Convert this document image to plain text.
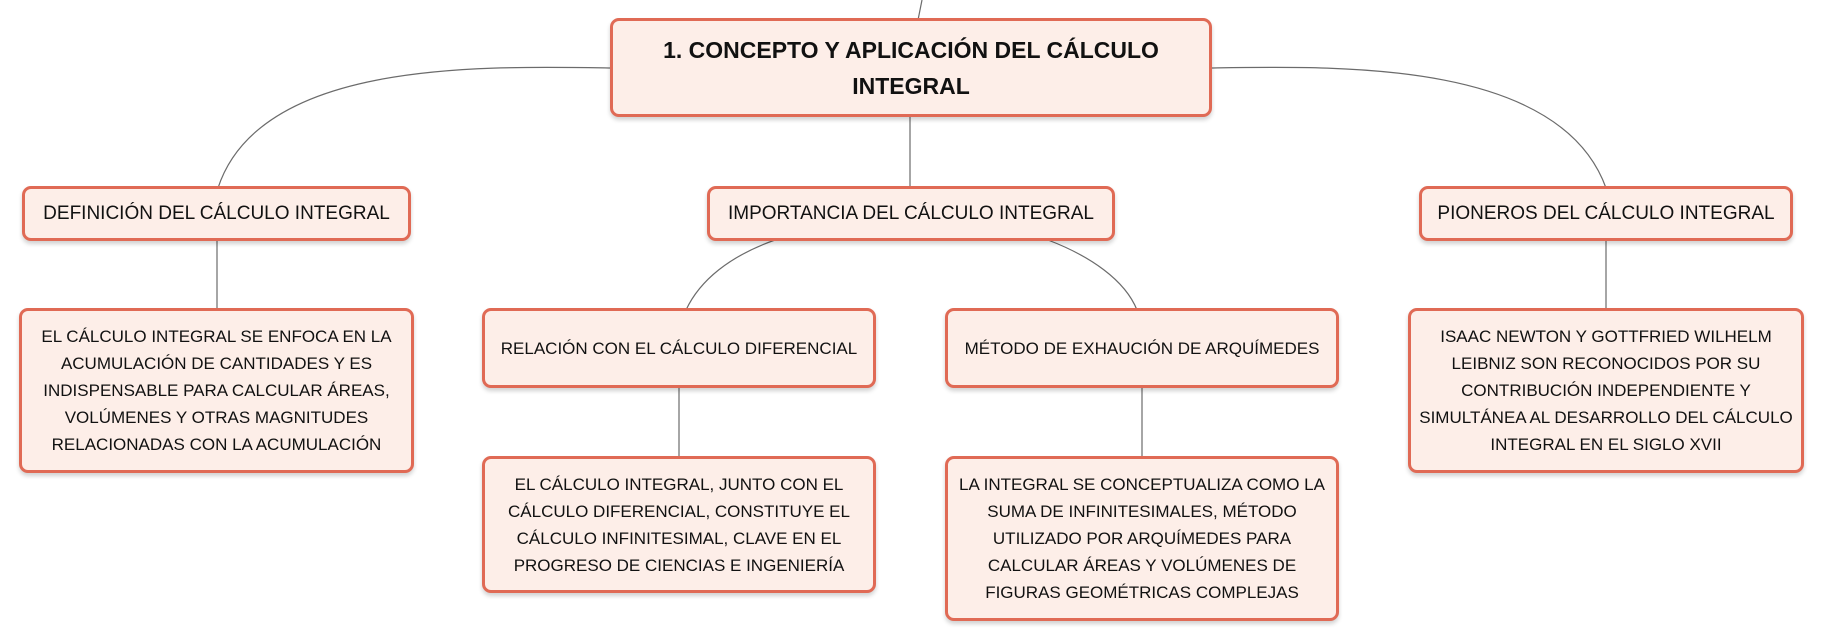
1. CONCEPTO Y APLICACIÓN DEL CÁLCULO INTEGRAL
DEFINICIÓN DEL CÁLCULO INTEGRAL	IMPORTANCIA DEL CÁLCULO INTEGRAL	PIONEROS DEL CÁLCULO INTEGRAL
EL CÁLCULO INTEGRAL SE ENFOCA EN LA ACUMULACIÓN DE CANTIDADES Y ES INDISPENSABLE PARA CALCULAR ÁREAS, VOLÚMENES Y OTRAS MAGNITUDES RELACIONADAS CON LA ACUMULACIÓN
RELACIÓN CON EL CÁLCULO DIFERENCIAL	MÉTODO DE EXHAUCIÓN DE ARQUÍMEDES
ISAAC NEWTON Y GOTTFRIED WILHELM LEIBNIZ SON RECONOCIDOS POR SU CONTRIBUCIÓN INDEPENDIENTE Y SIMULTÁNEA AL DESARROLLO DEL CÁLCULO INTEGRAL EN EL SIGLO XVII
EL CÁLCULO INTEGRAL, JUNTO CON EL CÁLCULO DIFERENCIAL, CONSTITUYE EL CÁLCULO INFINITESIMAL, CLAVE EN EL PROGRESO DE CIENCIAS E INGENIERÍA
LA INTEGRAL SE CONCEPTUALIZA COMO LA SUMA DE INFINITESIMALES, MÉTODO UTILIZADO POR ARQUÍMEDES PARA CALCULAR ÁREAS Y VOLÚMENES DE FIGURAS GEOMÉTRICAS COMPLEJAS
